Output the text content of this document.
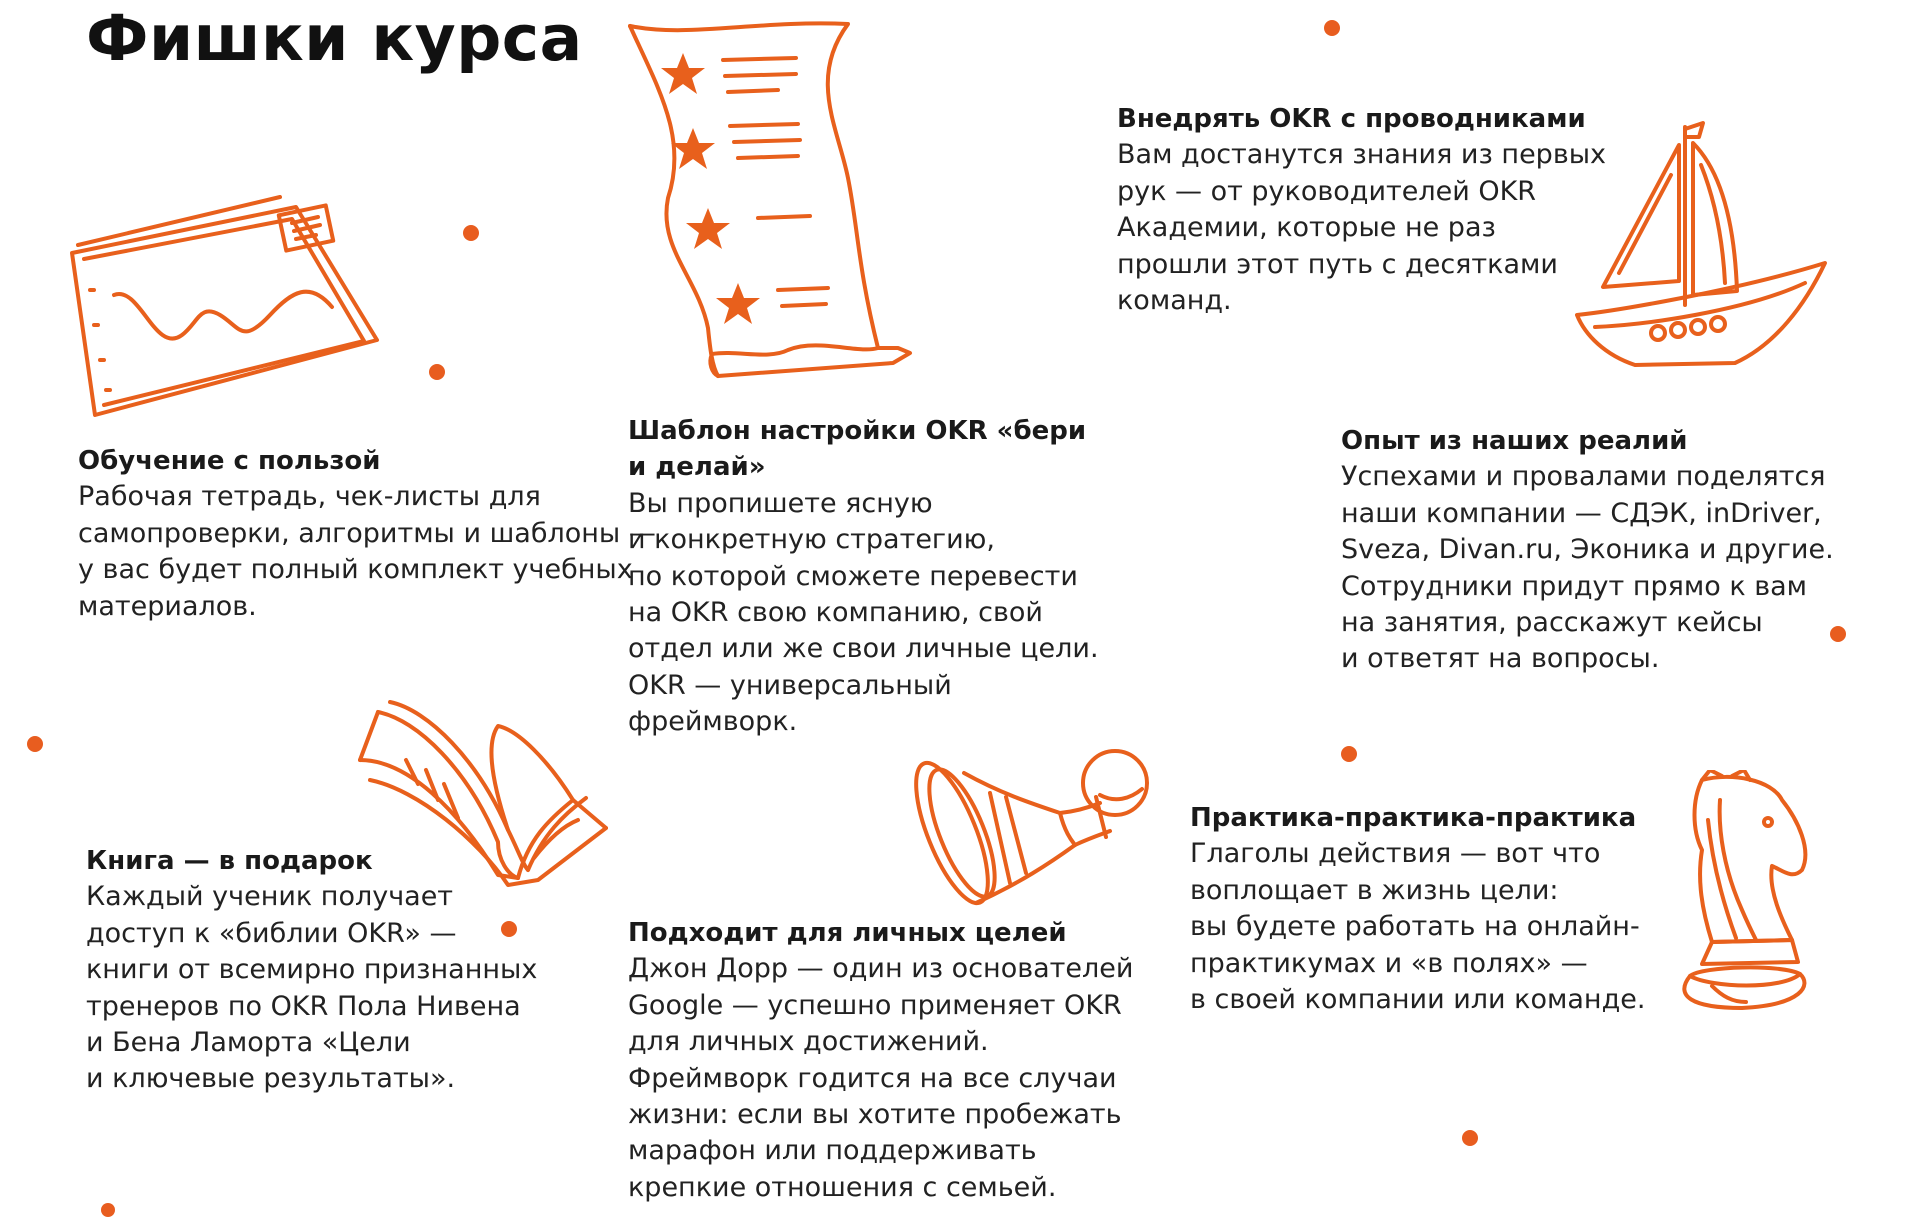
Фишки курса
Обучение с пользой

Рабочая тетрадь, чек-листы для
самопроверки, алгоритмы и шаблоны —
у вас будет полный комплект учебных
материалов.

Шаблон настройки OKR «бери
и делай»

Вы пропишете ясную
и конкретную стратегию,
по которой сможете перевести
на OKR свою компанию, свой
отдел или же свои личные цели.
OKR — универсальный
фреймворк.

Внедрять OKR с проводниками

Вам достанутся знания из первых
рук — от руководителей OKR
Академии, которые не раз
прошли этот путь с десятками
команд.

Опыт из наших реалий

Успехами и провалами поделятся
наши компании — СДЭК, inDriver,
Sveza, Divan.ru, Эконика и другие.
Сотрудники придут прямо к вам
на занятия, расскажут кейсы
и ответят на вопросы.

Книга — в подарок

Каждый ученик получает
доступ к «библии OKR» —
книги от всемирно признанных
тренеров по OKR Пола Нивена
и Бена Ламорта «Цели
и ключевые результаты».

Подходит для личных целей

Джон Дорр — один из основателей
Google — успешно применяет OKR
для личных достижений.
Фреймворк годится на все случаи
жизни: если вы хотите пробежать
марафон или поддерживать
крепкие отношения с семьей.

Практика-практика-практика

Глаголы действия — вот что
воплощает в жизнь цели:
вы будете работать на онлайн-
практикумах и «в полях» —
в своей компании или команде.
